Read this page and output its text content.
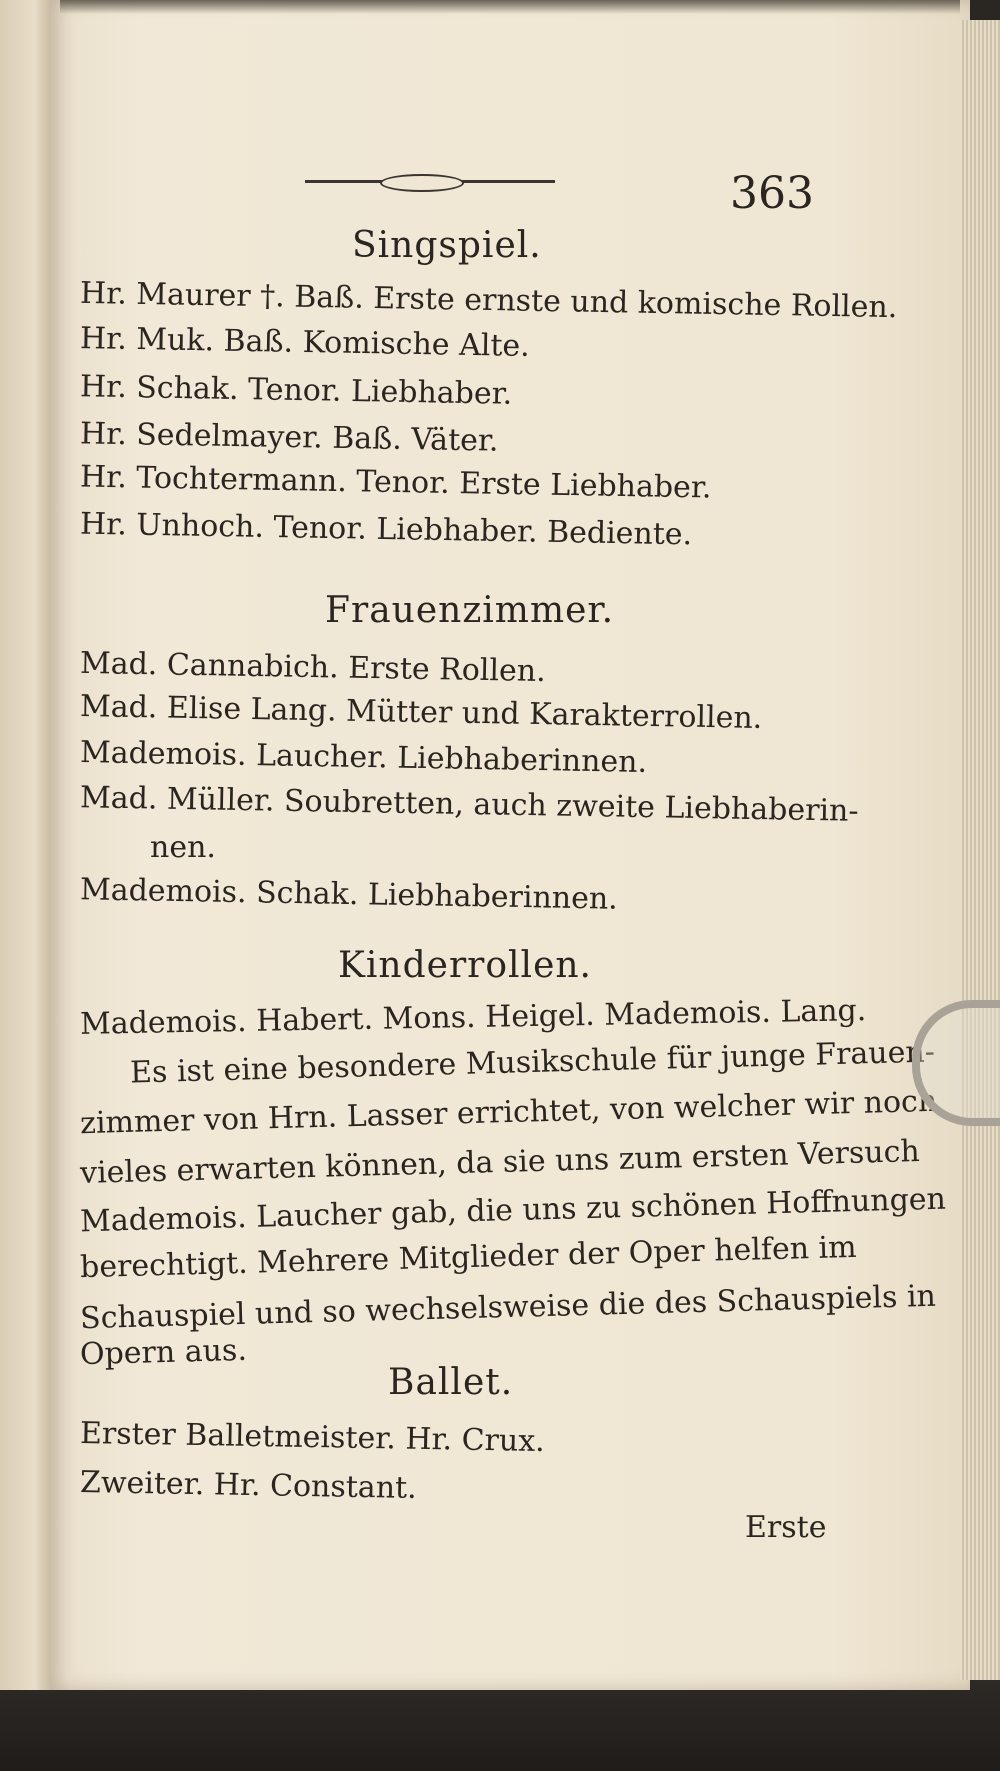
363
Singspiel.
Hr. Maurer †. Baß. Erste ernste und komische Rollen.
Hr. Muk. Baß. Komische Alte.
Hr. Schak. Tenor. Liebhaber.
Hr. Sedelmayer. Baß. Väter.
Hr. Tochtermann. Tenor. Erste Liebhaber.
Hr. Unhoch. Tenor. Liebhaber. Bediente.
Frauenzimmer.
Mad. Cannabich. Erste Rollen.
Mad. Elise Lang. Mütter und Karakterrollen.
Mademois. Laucher. Liebhaberinnen.
Mad. Müller. Soubretten, auch zweite Liebhaberin-
nen.
Mademois. Schak. Liebhaberinnen.
Kinderrollen.
Mademois. Habert. Mons. Heigel. Mademois. Lang.
Es ist eine besondere Musikschule für junge Frauen-
zimmer von Hrn. Lasser errichtet, von welcher wir noch
vieles erwarten können, da sie uns zum ersten Versuch
Mademois. Laucher gab, die uns zu schönen Hoffnungen
berechtigt. Mehrere Mitglieder der Oper helfen im
Schauspiel und so wechselsweise die des Schauspiels in
Opern aus.
Ballet.
Erster Balletmeister. Hr. Crux.
Zweiter. Hr. Constant.
Erste
